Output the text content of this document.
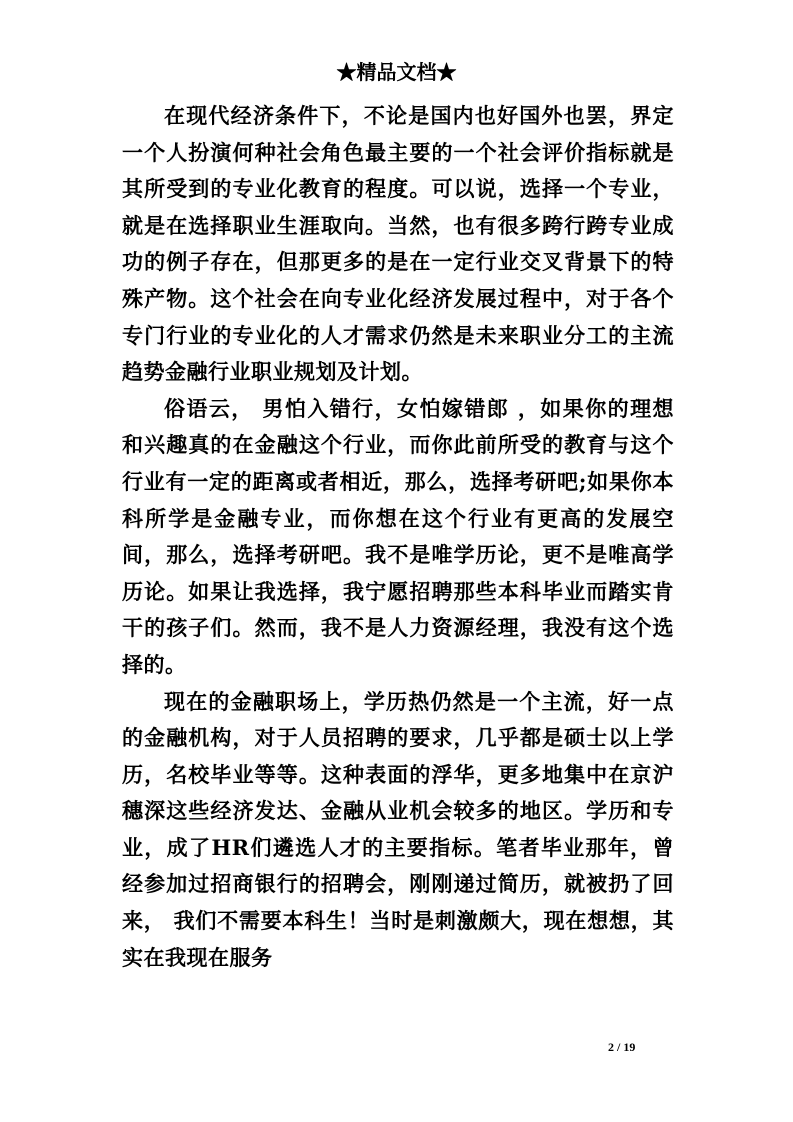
★精品文档★

在现代经济条件下，不论是国内也好国外也罢，界定一个人扮演何种社会角色最主要的一个社会评价指标就是其所受到的专业化教育的程度。可以说，选择一个专业，就是在选择职业生涯取向。当然，也有很多跨行跨专业成功的例子存在，但那更多的是在一定行业交叉背景下的特殊产物。这个社会在向专业化经济发展过程中，对于各个专门行业的专业化的人才需求仍然是未来职业分工的主流趋势金融行业职业规划及计划。

俗语云， 男怕入错行，女怕嫁错郎 ，如果你的理想和兴趣真的在金融这个行业，而你此前所受的教育与这个行业有一定的距离或者相近，那么，选择考研吧;如果你本科所学是金融专业，而你想在这个行业有更高的发展空间，那么，选择考研吧。我不是唯学历论，更不是唯高学历论。如果让我选择，我宁愿招聘那些本科毕业而踏实肯干的孩子们。然而，我不是人力资源经理，我没有这个选择的。

现在的金融职场上，学历热仍然是一个主流，好一点的金融机构，对于人员招聘的要求，几乎都是硕士以上学历，名校毕业等等。这种表面的浮华，更多地集中在京沪穗深这些经济发达、金融从业机会较多的地区。学历和专业，成了HR们遴选人才的主要指标。笔者毕业那年，曾经参加过招商银行的招聘会，刚刚递过简历，就被扔了回来， 我们不需要本科生！当时是刺激颇大，现在想想，其实在我现在服务

2 / 19
